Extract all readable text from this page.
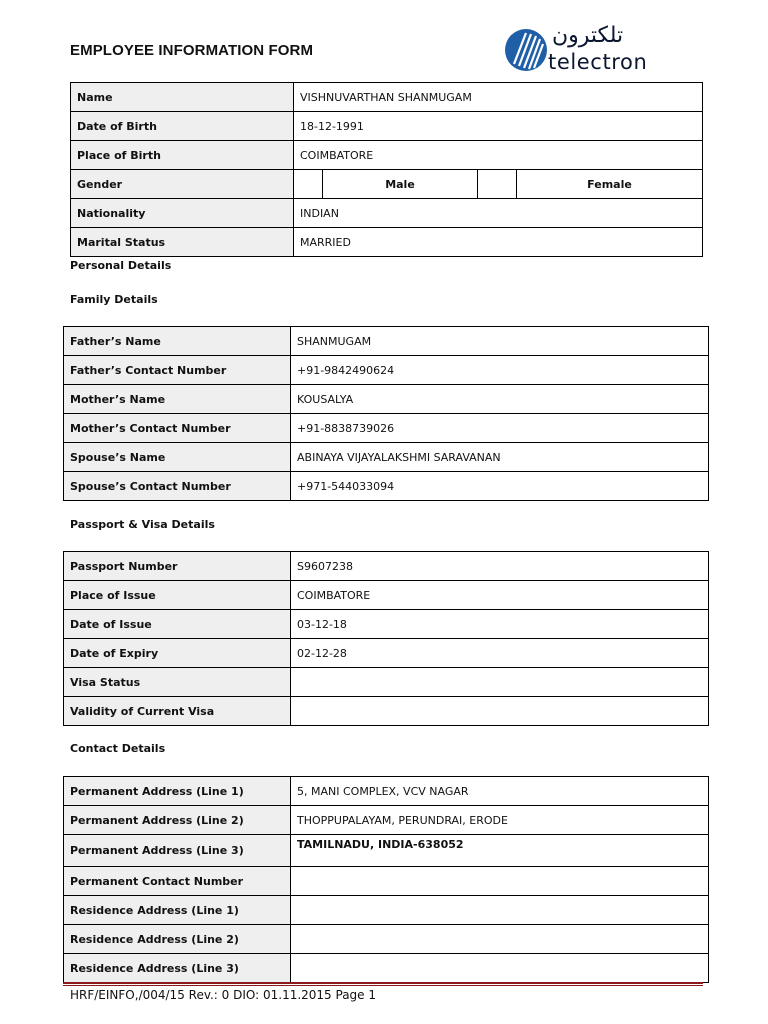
EMPLOYEE INFORMATION FORM
تلكترون
telectron
Name	VISHNUVARTHAN SHANMUGAM			
Date of Birth	18-12-1991			
Place of Birth	COIMBATORE			
Gender		Male		Female
Nationality	INDIAN			
Marital Status	MARRIED			
Personal Details
Family Details
Father’s Name	SHANMUGAM
Father’s Contact Number	+91-9842490624
Mother’s Name	KOUSALYA
Mother’s Contact Number	+91-8838739026
Spouse’s Name	ABINAYA VIJAYALAKSHMI SARAVANAN
Spouse’s Contact Number	+971-544033094
Passport & Visa Details
Passport Number	S9607238
Place of Issue	COIMBATORE
Date of Issue	03-12-18
Date of Expiry	02-12-28
Visa Status	
Validity of Current Visa	
Contact Details
Permanent Address (Line 1)	5, MANI COMPLEX, VCV NAGAR
Permanent Address (Line 2)	THOPPUPALAYAM, PERUNDRAI, ERODE
Permanent Address (Line 3)	TAMILNADU, INDIA-638052
Permanent Contact Number	
Residence Address (Line 1)	
Residence Address (Line 2)	
Residence Address (Line 3)	
HRF/EINFO,/004/15 Rev.: 0 DIO: 01.11.2015 Page 1
